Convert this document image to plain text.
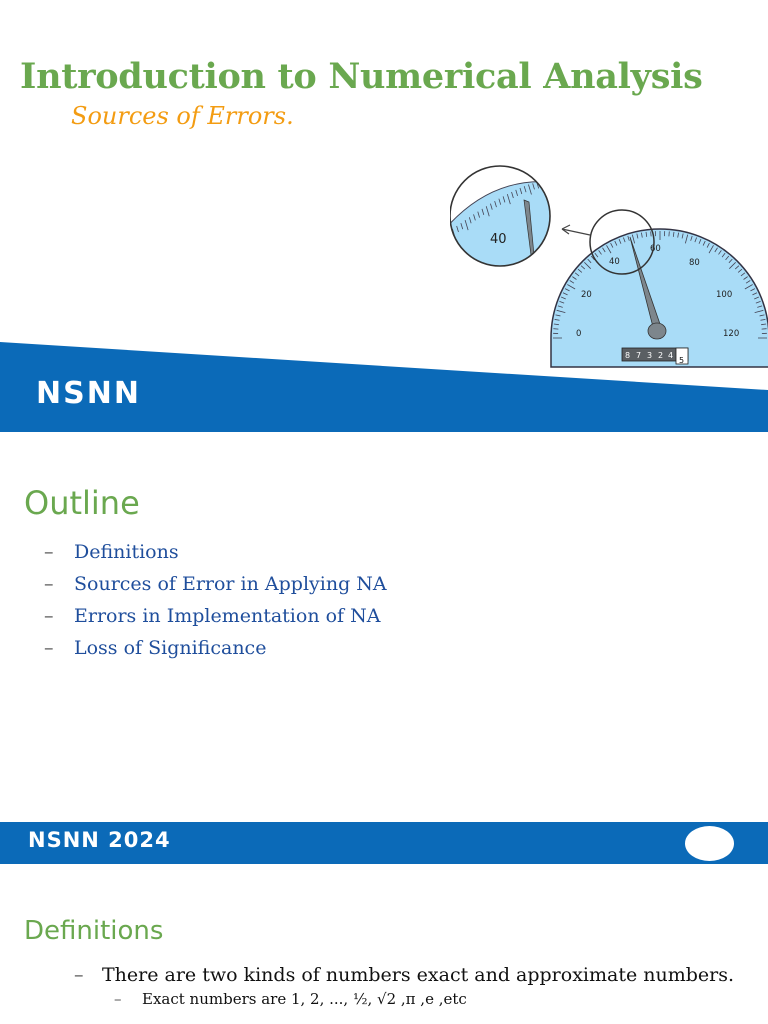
Introduction to Numerical Analysis
Sources of Errors.
0
20
40
60
80
100
120
8 7 3 2 4
5
40
NSNN
Outline
– Definitions
– Sources of Error in Applying NA
– Errors in Implementation of NA
– Loss of Significance
NSNN 2024
Definitions
– There are two kinds of numbers exact and approximate numbers.
– Exact numbers are 1, 2, ..., ½, √2 ,π ,e ,etc
